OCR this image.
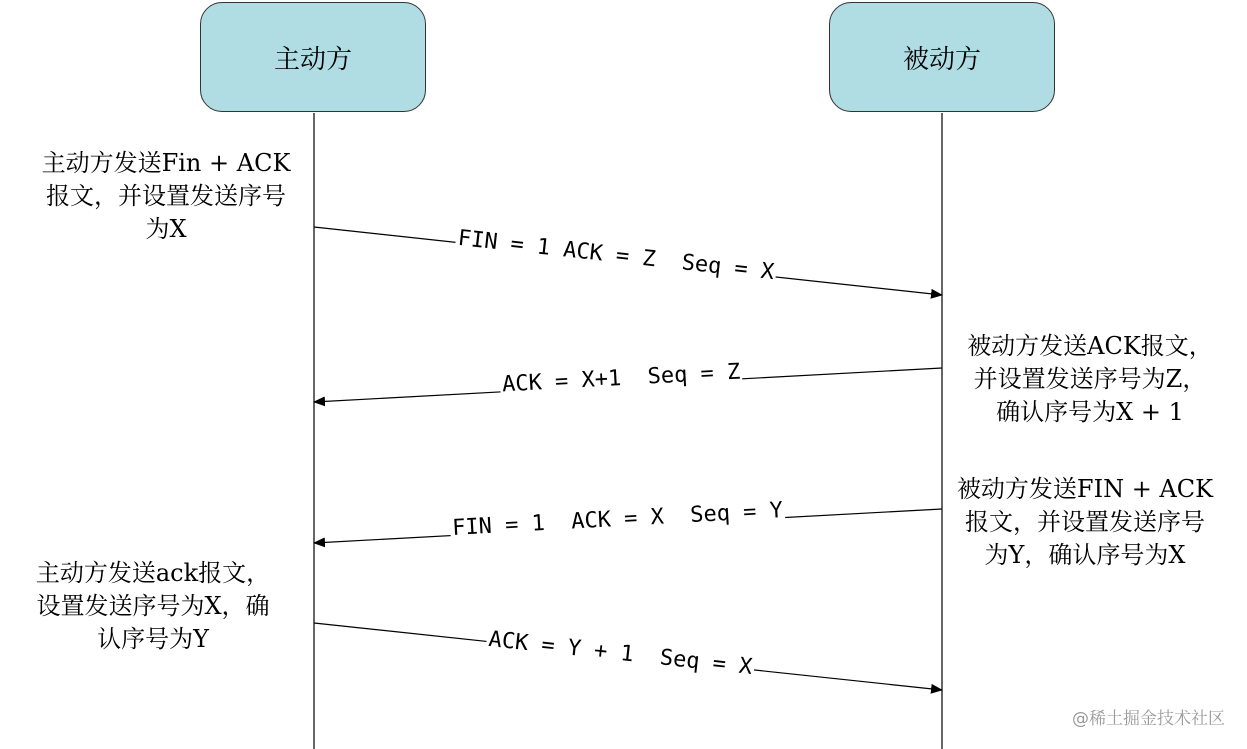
主动方	被动方
主动方发送Fin + ACK
报文，并设置发送序号
为X
被动方发送ACK报文，
并设置发送序号为Z，
确认序号为X + 1
被动方发送FIN + ACK
报文，并设置发送序号
为Y，确认序号为X
主动方发送ack报文，
设置发送序号为X，确
认序号为Y
FIN = 1 ACK = Z  Seq = X
ACK = X+1  Seq = Z
FIN = 1  ACK = X  Seq = Y
ACK = Y + 1  Seq = X
@稀土掘金技术社区
